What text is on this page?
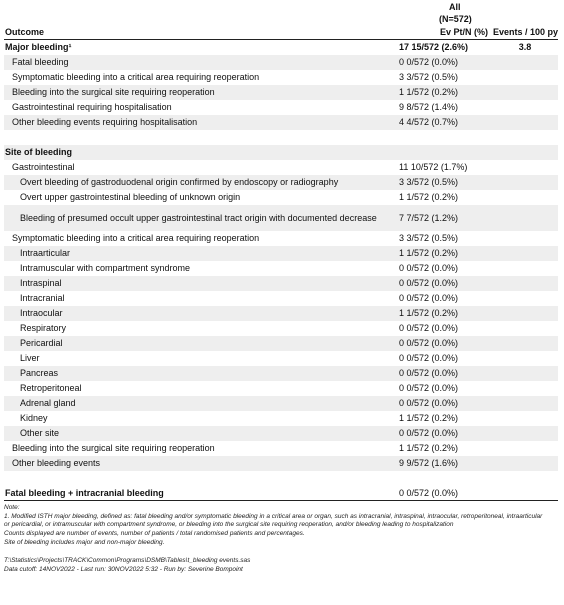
	All	
	(N=572)	
Outcome	Ev Pt/N (%)	Events / 100 py
Major bleeding¹	17 15/572 (2.6%)	3.8
Fatal bleeding	0 0/572 (0.0%)	
Symptomatic bleeding into a critical area requiring reoperation	3 3/572 (0.5%)	
Bleeding into the surgical site requiring reoperation	1 1/572 (0.2%)	
Gastrointestinal requiring hospitalisation	9 8/572 (1.4%)	
Other bleeding events requiring hospitalisation	4 4/572 (0.7%)	

Site of bleeding		
Gastrointestinal	11 10/572 (1.7%)	
Overt bleeding of gastroduodenal origin confirmed by endoscopy or radiography	3 3/572 (0.5%)	
Overt upper gastrointestinal bleeding of unknown origin	1 1/572 (0.2%)	
Bleeding of presumed occult upper gastrointestinal tract origin with documented decrease	7 7/572 (1.2%)	
Symptomatic bleeding into a critical area requiring reoperation	3 3/572 (0.5%)	
Intraarticular	1 1/572 (0.2%)	
Intramuscular with compartment syndrome	0 0/572 (0.0%)	
Intraspinal	0 0/572 (0.0%)	
Intracranial	0 0/572 (0.0%)	
Intraocular	1 1/572 (0.2%)	
Respiratory	0 0/572 (0.0%)	
Pericardial	0 0/572 (0.0%)	
Liver	0 0/572 (0.0%)	
Pancreas	0 0/572 (0.0%)	
Retroperitoneal	0 0/572 (0.0%)	
Adrenal gland	0 0/572 (0.0%)	
Kidney	1 1/572 (0.2%)	
Other site	0 0/572 (0.0%)	
Bleeding into the surgical site requiring reoperation	1 1/572 (0.2%)	
Other bleeding events	9 9/572 (1.6%)	

Fatal bleeding + intracranial bleeding	0 0/572 (0.0%)	
Note:
1. Modified ISTH major bleeding, defined as: fatal bleeding and/or symptomatic bleeding in a critical area or organ, such as intracranial, intraspinal, intraocular, retroperitoneal, intraarticular or pericardial, or intramuscular with compartment syndrome, or bleeding into the surgical site requiring reoperation, and/or bleeding leading to hospitalization
Counts displayed are number of events, number of patients / total randomised patients and percentages.
Site of bleeding includes major and non-major bleeding.
T:\Statistics\Projects\TRACK\Common\Programs\DSMB\Tables\t_bleeding events.sas
Data cutoff: 14NOV2022 - Last run: 30NOV2022 5:32 - Run by: Severine Bompoint
